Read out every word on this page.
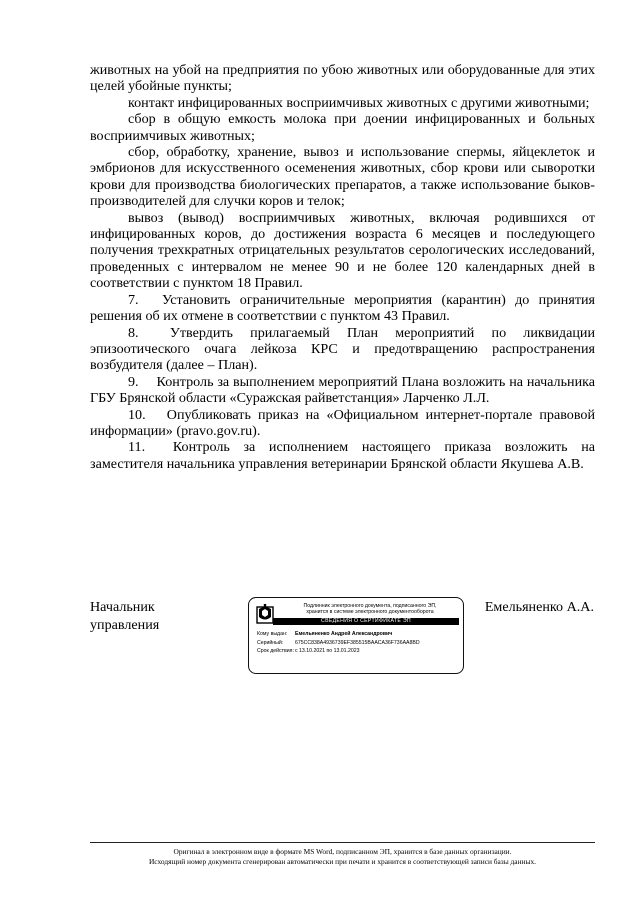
животных на убой на предприятия по убою животных или оборудованные для этих целей убойные пункты;

контакт инфицированных восприимчивых животных с другими животными;

сбор в общую емкость молока при доении инфицированных и больных восприимчивых животных;

сбор, обработку, хранение, вывоз и использование спермы, яйцеклеток и эмбрионов для искусственного осеменения животных, сбор крови или сыворотки крови для производства биологических препаратов, а также использование быков-производителей для случки коров и телок;

вывоз (вывод) восприимчивых животных, включая родившихся от инфицированных коров, до достижения возраста 6 месяцев и последующего получения трехкратных отрицательных результатов серологических исследований, проведенных с интервалом не менее 90 и не более 120 календарных дней в соответствии с пунктом 18 Правил.

7.  Установить ограничительные мероприятия (карантин) до принятия решения об их отмене в соответствии с пунктом 43 Правил.

8.  Утвердить прилагаемый План мероприятий по ликвидации эпизоотического очага лейкоза КРС и предотвращению распространения возбудителя (далее – План).

9.  Контроль за выполнением мероприятий Плана возложить на начальника ГБУ Брянской области «Суражская райветстанция» Ларченко Л.Л.

10.  Опубликовать приказ на «Официальном интернет-портале правовой информации» (pravo.gov.ru).

11.  Контроль за исполнением настоящего приказа возложить на заместителя начальника управления ветеринарии Брянской области Якушева А.В.

Начальник
управления
Подлинник электронного документа, подписанного ЭП,
хранится в системе электронного документооборота
СВЕДЕНИЯ О СЕРТИФИКАТЕ ЭП
Кому выдан:	Емельяненко Андрей Александрович
Серийный:	675CC838A4936739EF385515BAACA36F736AA8BD
Срок действия: с 13.10.2021 по 13.01.2023
Емельяненко А.А.
Оригинал в электронном виде в формате MS Word, подписанном ЭП, хранится в базе данных организации.
Исходящий номер документа сгенерирован автоматически при печати и хранится в соответствующей записи базы данных.
